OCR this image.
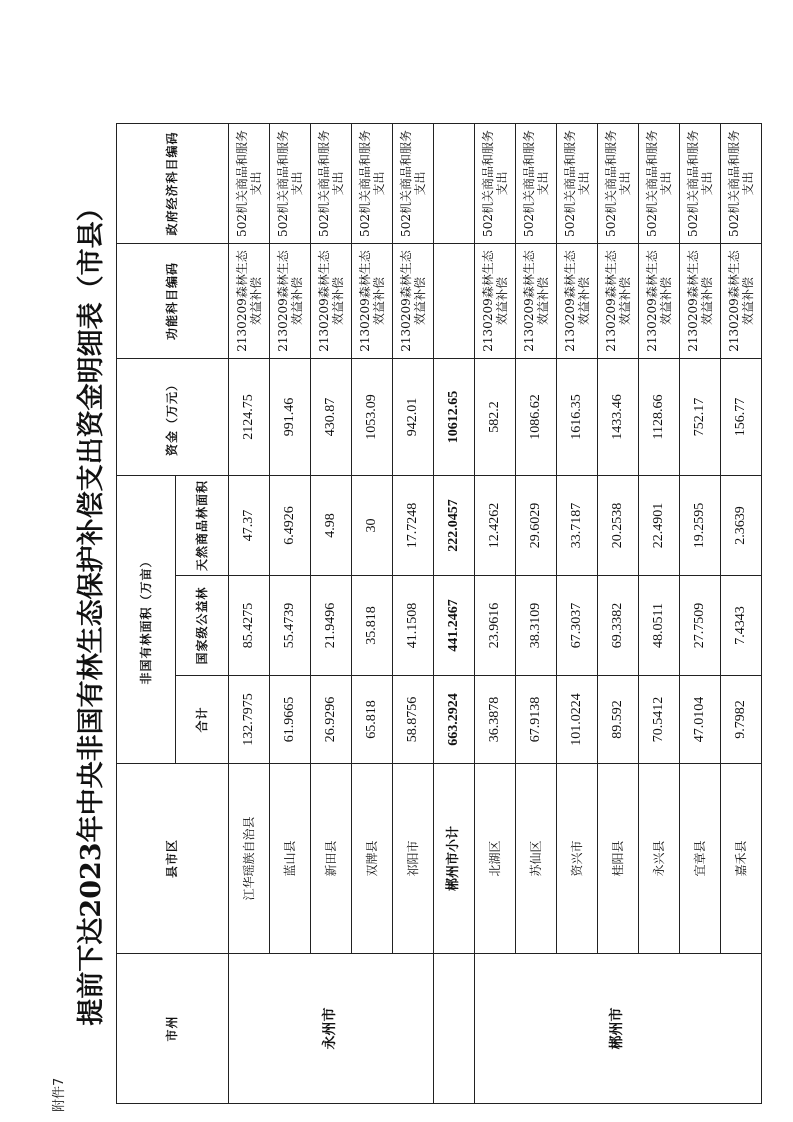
附件7
提前下达2023年中央非国有林生态保护补偿支出资金明细表（市县）
市州	县市区	非国有林面积（万亩）			资金（万元）	功能科目编码	政府经济科目编码
		合计	国家级公益林	天然商品林面积			
永州市	江华瑶族自治县	132.7975	85.4275	47.37	2124.75	2130209森林生态效益补偿	502机关商品和服务支出
	蓝山县	61.9665	55.4739	6.4926	991.46	2130209森林生态效益补偿	502机关商品和服务支出
	新田县	26.9296	21.9496	4.98	430.87	2130209森林生态效益补偿	502机关商品和服务支出
	双牌县	65.818	35.818	30	1053.09	2130209森林生态效益补偿	502机关商品和服务支出
	祁阳市	58.8756	41.1508	17.7248	942.01	2130209森林生态效益补偿	502机关商品和服务支出
	郴州市小计	663.2924	441.2467	222.0457	10612.65		
郴州市	北湖区	36.3878	23.9616	12.4262	582.2	2130209森林生态效益补偿	502机关商品和服务支出
	苏仙区	67.9138	38.3109	29.6029	1086.62	2130209森林生态效益补偿	502机关商品和服务支出
	资兴市	101.0224	67.3037	33.7187	1616.35	2130209森林生态效益补偿	502机关商品和服务支出
	桂阳县	89.592	69.3382	20.2538	1433.46	2130209森林生态效益补偿	502机关商品和服务支出
	永兴县	70.5412	48.0511	22.4901	1128.66	2130209森林生态效益补偿	502机关商品和服务支出
	宜章县	47.0104	27.7509	19.2595	752.17	2130209森林生态效益补偿	502机关商品和服务支出
	嘉禾县	9.7982	7.4343	2.3639	156.77	2130209森林生态效益补偿	502机关商品和服务支出
